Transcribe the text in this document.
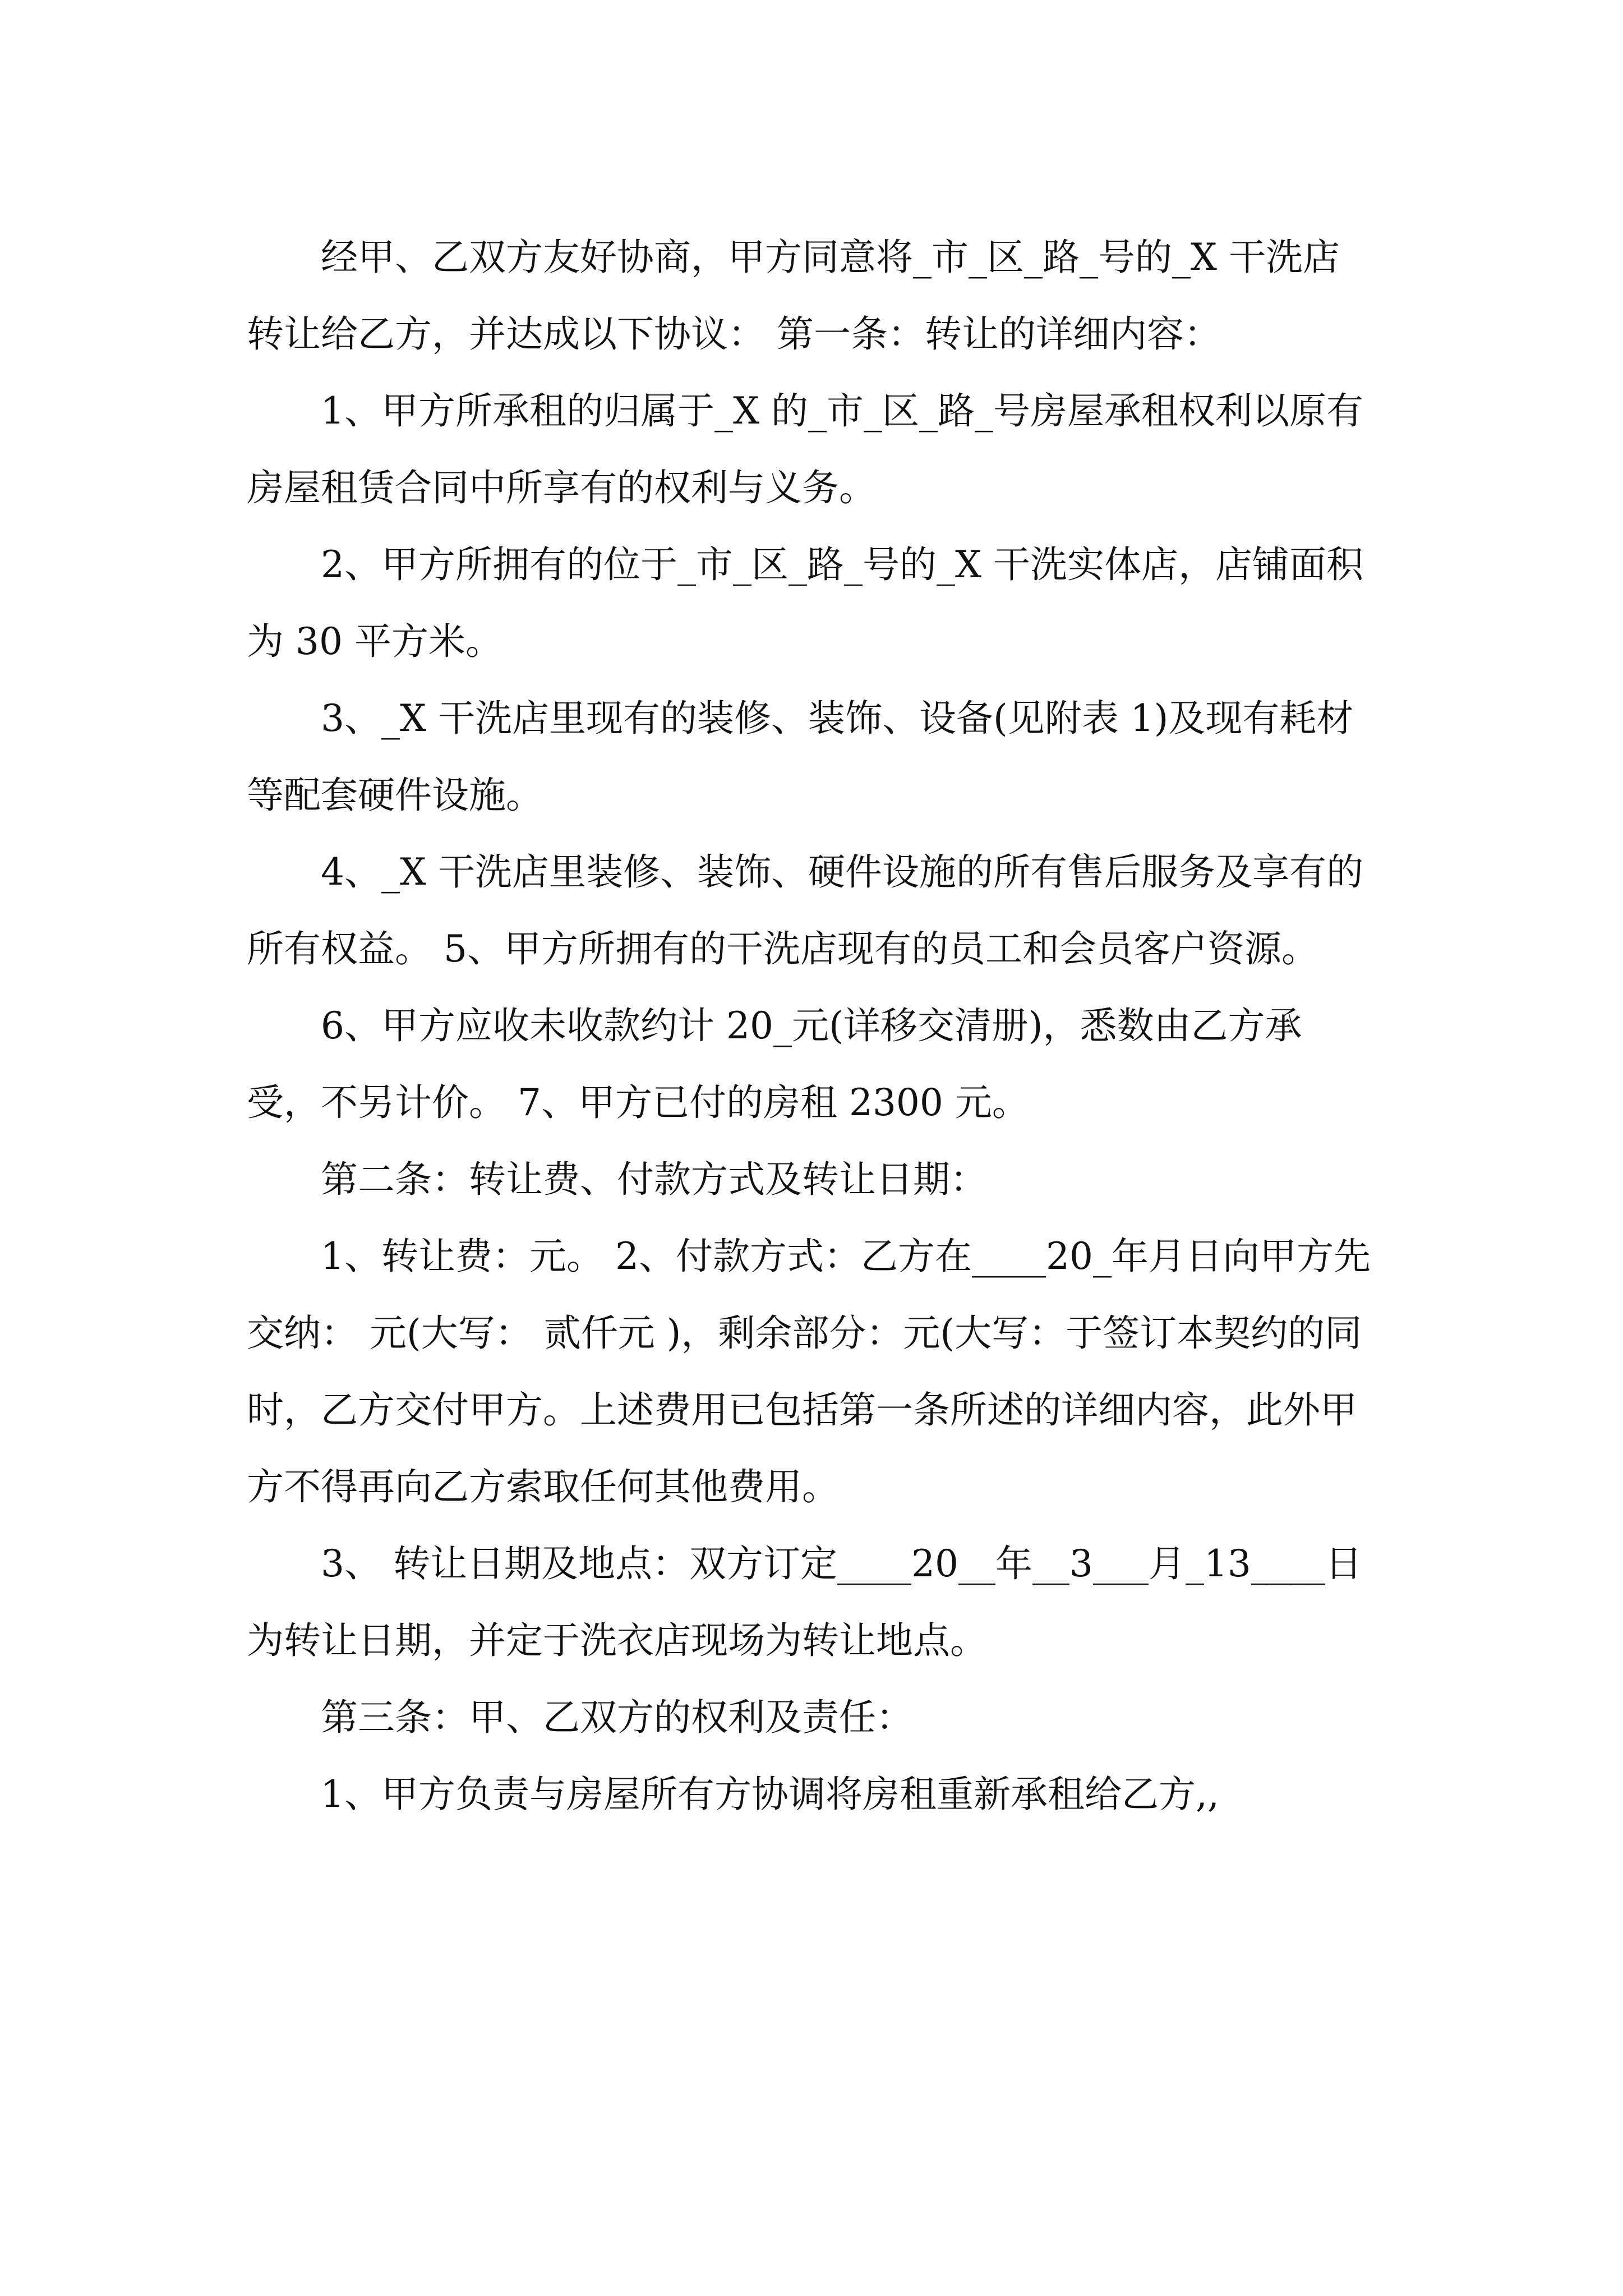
经甲、乙双方友好协商，甲方同意将_市_区_路_号的_X 干洗店转让给乙方，并达成以下协议： 第一条：转让的详细内容：

1、甲方所承租的归属于_X 的_市_区_路_号房屋承租权利以原有房屋租赁合同中所享有的权利与义务。

2、甲方所拥有的位于_市_区_路_号的_X 干洗实体店，店铺面积为 30 平方米。

3、_X 干洗店里现有的装修、装饰、设备(见附表 1)及现有耗材等配套硬件设施。

4、_X 干洗店里装修、装饰、硬件设施的所有售后服务及享有的所有权益。 5、甲方所拥有的干洗店现有的员工和会员客户资源。

6、甲方应收未收款约计 20_元(详移交清册)，悉数由乙方承受，不另计价。 7、甲方已付的房租 2300 元。

第二条：转让费、付款方式及转让日期：

1、转让费：元。 2、付款方式：乙方在____20_年月日向甲方先交纳： 元(大写： 贰仟元 )，剩余部分：元(大写：于签订本契约的同时，乙方交付甲方。上述费用已包括第一条所述的详细内容，此外甲方不得再向乙方索取任何其他费用。

3、 转让日期及地点：双方订定____20__年__3___月_13____日为转让日期，并定于洗衣店现场为转让地点。

第三条：甲、乙双方的权利及责任：

1、甲方负责与房屋所有方协调将房租重新承租给乙方,,
